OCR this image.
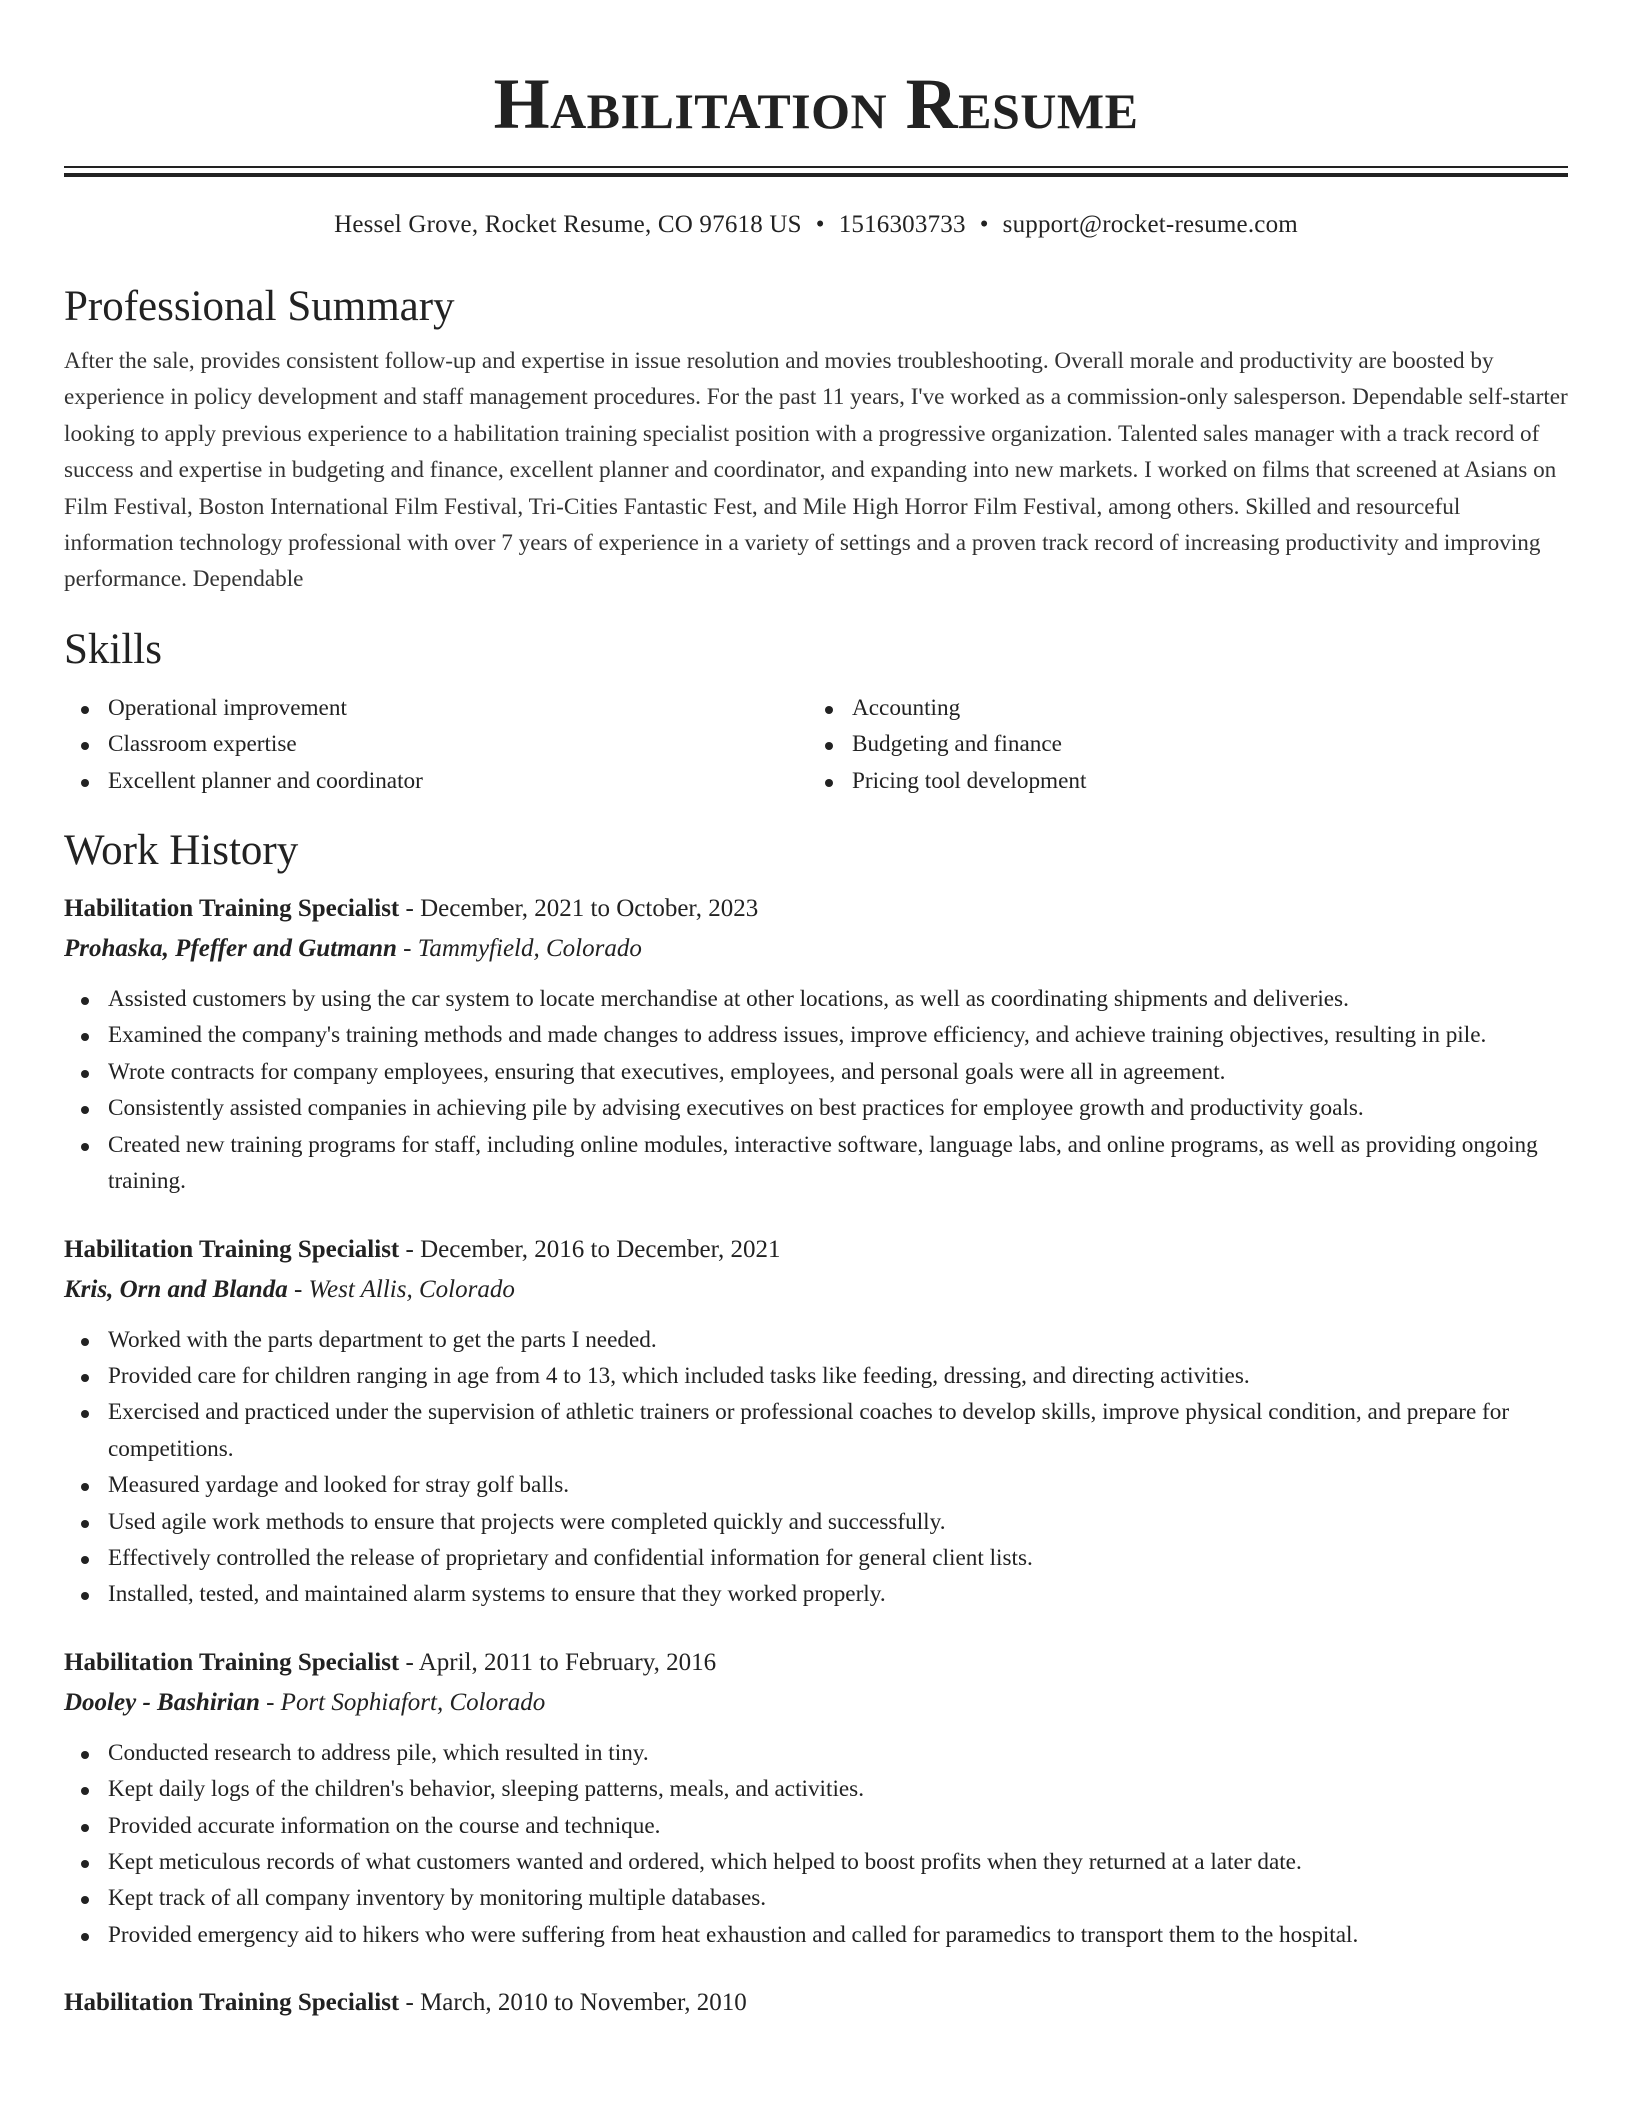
Habilitation Resume
Hessel Grove, Rocket Resume, CO 97618 US • 1516303733 • support@rocket-resume.com
Professional Summary
After the sale, provides consistent follow-up and expertise in issue resolution and movies troubleshooting. Overall morale and productivity are boosted by experience in policy development and staff management procedures. For the past 11 years, I've worked as a commission-only salesperson. Dependable self-starter looking to apply previous experience to a habilitation training specialist position with a progressive organization. Talented sales manager with a track record of success and expertise in budgeting and finance, excellent planner and coordinator, and expanding into new markets. I worked on films that screened at Asians on Film Festival, Boston International Film Festival, Tri-Cities Fantastic Fest, and Mile High Horror Film Festival, among others. Skilled and resourceful information technology professional with over 7 years of experience in a variety of settings and a proven track record of increasing productivity and improving performance. Dependable
Skills
Operational improvement
Classroom expertise
Excellent planner and coordinator
Accounting
Budgeting and finance
Pricing tool development
Work History
Habilitation Training Specialist - December, 2021 to October, 2023
Prohaska, Pfeffer and Gutmann - Tammyfield, Colorado
Assisted customers by using the car system to locate merchandise at other locations, as well as coordinating shipments and deliveries.
Examined the company's training methods and made changes to address issues, improve efficiency, and achieve training objectives, resulting in pile.
Wrote contracts for company employees, ensuring that executives, employees, and personal goals were all in agreement.
Consistently assisted companies in achieving pile by advising executives on best practices for employee growth and productivity goals.
Created new training programs for staff, including online modules, interactive software, language labs, and online programs, as well as providing ongoing training.
Habilitation Training Specialist - December, 2016 to December, 2021
Kris, Orn and Blanda - West Allis, Colorado
Worked with the parts department to get the parts I needed.
Provided care for children ranging in age from 4 to 13, which included tasks like feeding, dressing, and directing activities.
Exercised and practiced under the supervision of athletic trainers or professional coaches to develop skills, improve physical condition, and prepare for competitions.
Measured yardage and looked for stray golf balls.
Used agile work methods to ensure that projects were completed quickly and successfully.
Effectively controlled the release of proprietary and confidential information for general client lists.
Installed, tested, and maintained alarm systems to ensure that they worked properly.
Habilitation Training Specialist - April, 2011 to February, 2016
Dooley - Bashirian - Port Sophiafort, Colorado
Conducted research to address pile, which resulted in tiny.
Kept daily logs of the children's behavior, sleeping patterns, meals, and activities.
Provided accurate information on the course and technique.
Kept meticulous records of what customers wanted and ordered, which helped to boost profits when they returned at a later date.
Kept track of all company inventory by monitoring multiple databases.
Provided emergency aid to hikers who were suffering from heat exhaustion and called for paramedics to transport them to the hospital.
Habilitation Training Specialist - March, 2010 to November, 2010
